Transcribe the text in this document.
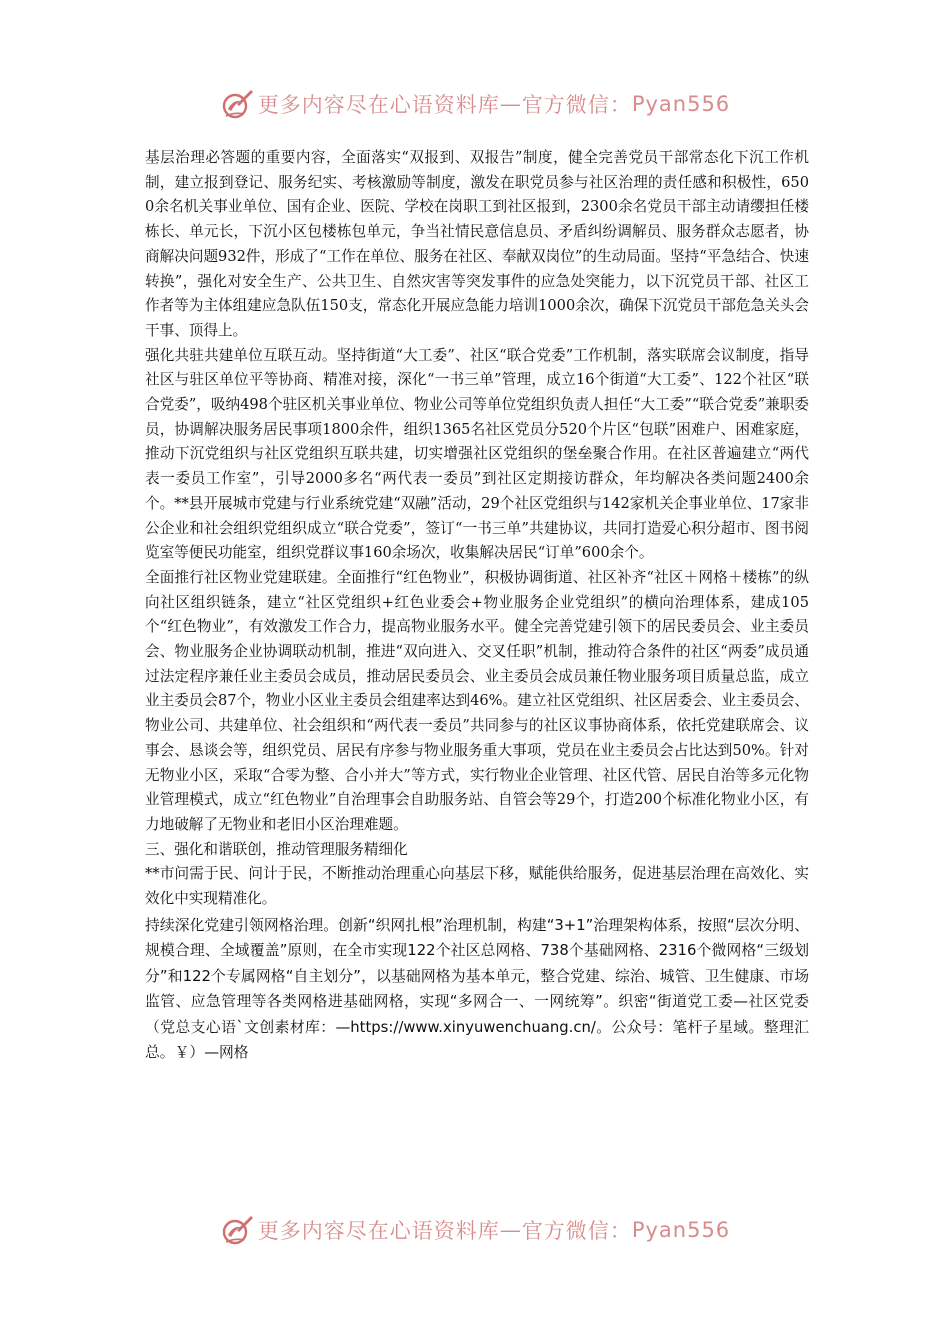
更多内容尽在心语资料库 — 官方微信： Pyan556

基层治理必答题的重要内容，全面落实“双报到、双报告”制度，健全完善党员干部常态化下沉工作机制，建立报到登记、服务纪实、考核激励等制度，激发在职党员参与社区治理的责任感和积极性，6500余名机关事业单位、国有企业、医院、学校在岗职工到社区报到，2300余名党员干部主动请缨担任楼栋长、单元长，下沉小区包楼栋包单元，争当社情民意信息员、矛盾纠纷调解员、服务群众志愿者，协商解决问题932件，形成了“工作在单位、服务在社区、奉献双岗位”的生动局面。坚持“平急结合、快速转换”，强化对安全生产、公共卫生、自然灾害等突发事件的应急处突能力，以下沉党员干部、社区工作者等为主体组建应急队伍150支，常态化开展应急能力培训1000余次，确保下沉党员干部危急关头会干事、顶得上。

强化共驻共建单位互联互动。坚持街道“大工委”、社区“联合党委”工作机制，落实联席会议制度，指导社区与驻区单位平等协商、精准对接，深化“一书三单”管理，成立16个街道“大工委”、122个社区“联合党委”，吸纳498个驻区机关事业单位、物业公司等单位党组织负责人担任“大工委”“联合党委”兼职委员，协调解决服务居民事项1800余件，组织1365名社区党员分520个片区“包联”困难户、困难家庭，推动下沉党组织与社区党组织互联共建，切实增强社区党组织的堡垒聚合作用。在社区普遍建立“两代表一委员工作室”，引导2000多名“两代表一委员”到社区定期接访群众，年均解决各类问题2400余个。**县开展城市党建与行业系统党建“双融”活动，29个社区党组织与142家机关企事业单位、17家非公企业和社会组织党组织成立“联合党委”，签订“一书三单”共建协议，共同打造爱心积分超市、图书阅览室等便民功能室，组织党群议事160余场次，收集解决居民“订单”600余个。

全面推行社区物业党建联建。全面推行“红色物业”，积极协调街道、社区补齐“社区＋网格＋楼栋”的纵向社区组织链条，建立“社区党组织+红色业委会+物业服务企业党组织”的横向治理体系，建成105个“红色物业”，有效激发工作合力，提高物业服务水平。健全完善党建引领下的居民委员会、业主委员会、物业服务企业协调联动机制，推进“双向进入、交叉任职”机制，推动符合条件的社区“两委”成员通过法定程序兼任业主委员会成员，推动居民委员会、业主委员会成员兼任物业服务项目质量总监，成立业主委员会87个，物业小区业主委员会组建率达到46%。建立社区党组织、社区居委会、业主委员会、物业公司、共建单位、社会组织和“两代表一委员”共同参与的社区议事协商体系，依托党建联席会、议事会、恳谈会等，组织党员、居民有序参与物业服务重大事项，党员在业主委员会占比达到50%。针对无物业小区，采取“合零为整、合小并大”等方式，实行物业企业管理、社区代管、居民自治等多元化物业管理模式，成立“红色物业”自治理事会自助服务站、自管会等29个，打造200个标准化物业小区，有力地破解了无物业和老旧小区治理难题。

三、强化和谐联创，推动管理服务精细化

**市问需于民、问计于民，不断推动治理重心向基层下移，赋能供给服务，促进基层治理在高效化、实效化中实现精准化。

持续深化党建引领网格治理。创新“织网扎根”治理机制，构建“3+1”治理架构体系，按照“层次分明、规模合理、全域覆盖”原则，在全市实现122个社区总网格、738个基础网格、2316个微网格“三级划分”和122个专属网格“自主划分”，以基础网格为基本单元，整合党建、综治、城管、卫生健康、市场监管、应急管理等各类网格进基础网格，实现“多网合一、一网统筹”。织密“街道党工委—社区党委（党总支心语`文创素材库：—https://www.xinyuwenchuang.cn/。公众号：笔杆子星域。整理汇总。￥）—网格

更多内容尽在心语资料库 — 官方微信： Pyan556
